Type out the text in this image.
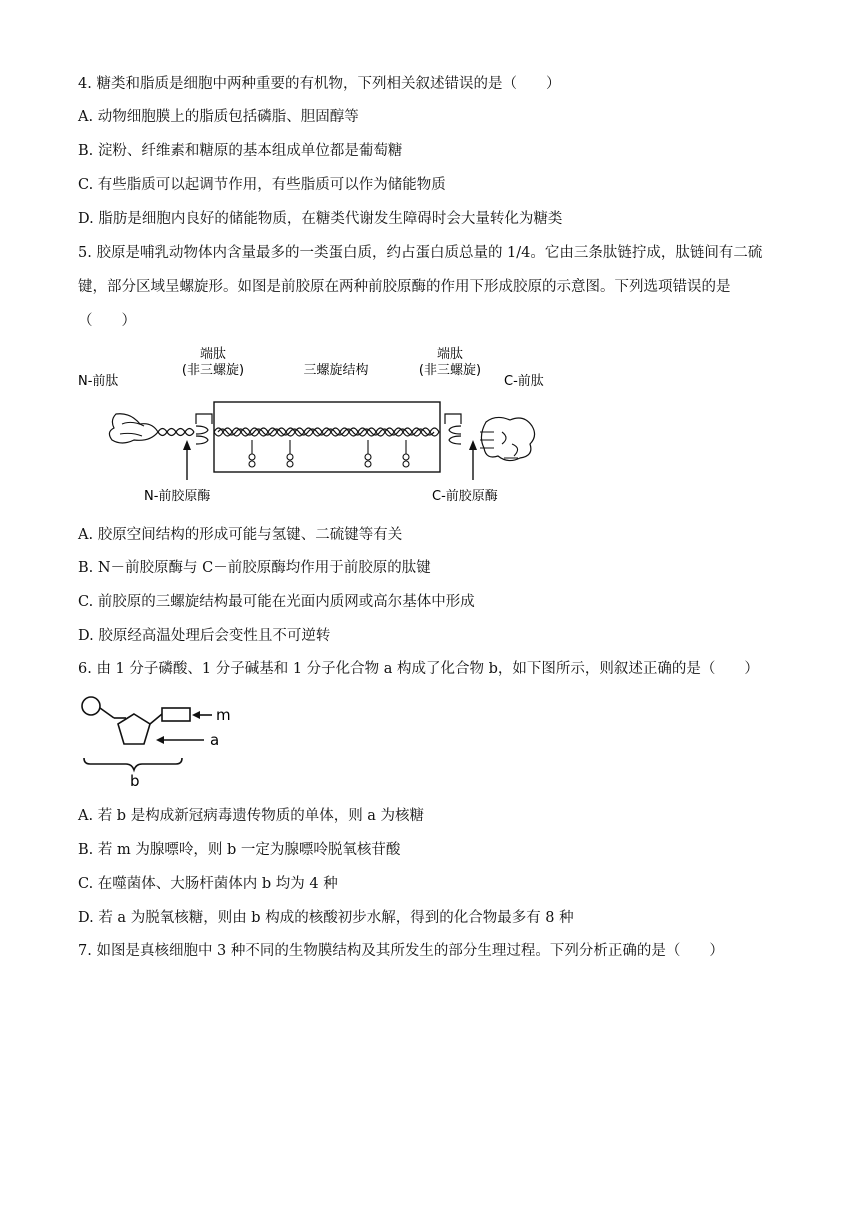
4. 糖类和脂质是细胞中两种重要的有机物，下列相关叙述错误的是（　　）
A. 动物细胞膜上的脂质包括磷脂、胆固醇等
B. 淀粉、纤维素和糖原的基本组成单位都是葡萄糖
C. 有些脂质可以起调节作用，有些脂质可以作为储能物质
D. 脂肪是细胞内良好的储能物质，在糖类代谢发生障碍时会大量转化为糖类
5. 胶原是哺乳动物体内含量最多的一类蛋白质，约占蛋白质总量的 1/4。它由三条肽链拧成，肽链间有二硫
键，部分区域呈螺旋形。如图是前胶原在两种前胶原酶的作用下形成胶原的示意图。下列选项错误的是
（　　）
端肽
(非三螺旋)	三螺旋结构
端肽
(非三螺旋)
N-前肽	C-前肽
N-前胶原酶	C-前胶原酶
A. 胶原空间结构的形成可能与氢键、二硫键等有关
B. N－前胶原酶与 C－前胶原酶均作用于前胶原的肽键
C. 前胶原的三螺旋结构最可能在光面内质网或高尔基体中形成
D. 胶原经高温处理后会变性且不可逆转
6. 由 1 分子磷酸、1 分子碱基和 1 分子化合物 a 构成了化合物 b，如下图所示，则叙述正确的是（　　）
m
a
b
A. 若 b 是构成新冠病毒遗传物质的单体，则 a 为核糖
B. 若 m 为腺嘌呤，则 b 一定为腺嘌呤脱氧核苷酸
C. 在噬菌体、大肠杆菌体内 b 均为 4 种
D. 若 a 为脱氧核糖，则由 b 构成的核酸初步水解，得到的化合物最多有 8 种
7. 如图是真核细胞中 3 种不同的生物膜结构及其所发生的部分生理过程。下列分析正确的是（　　）
